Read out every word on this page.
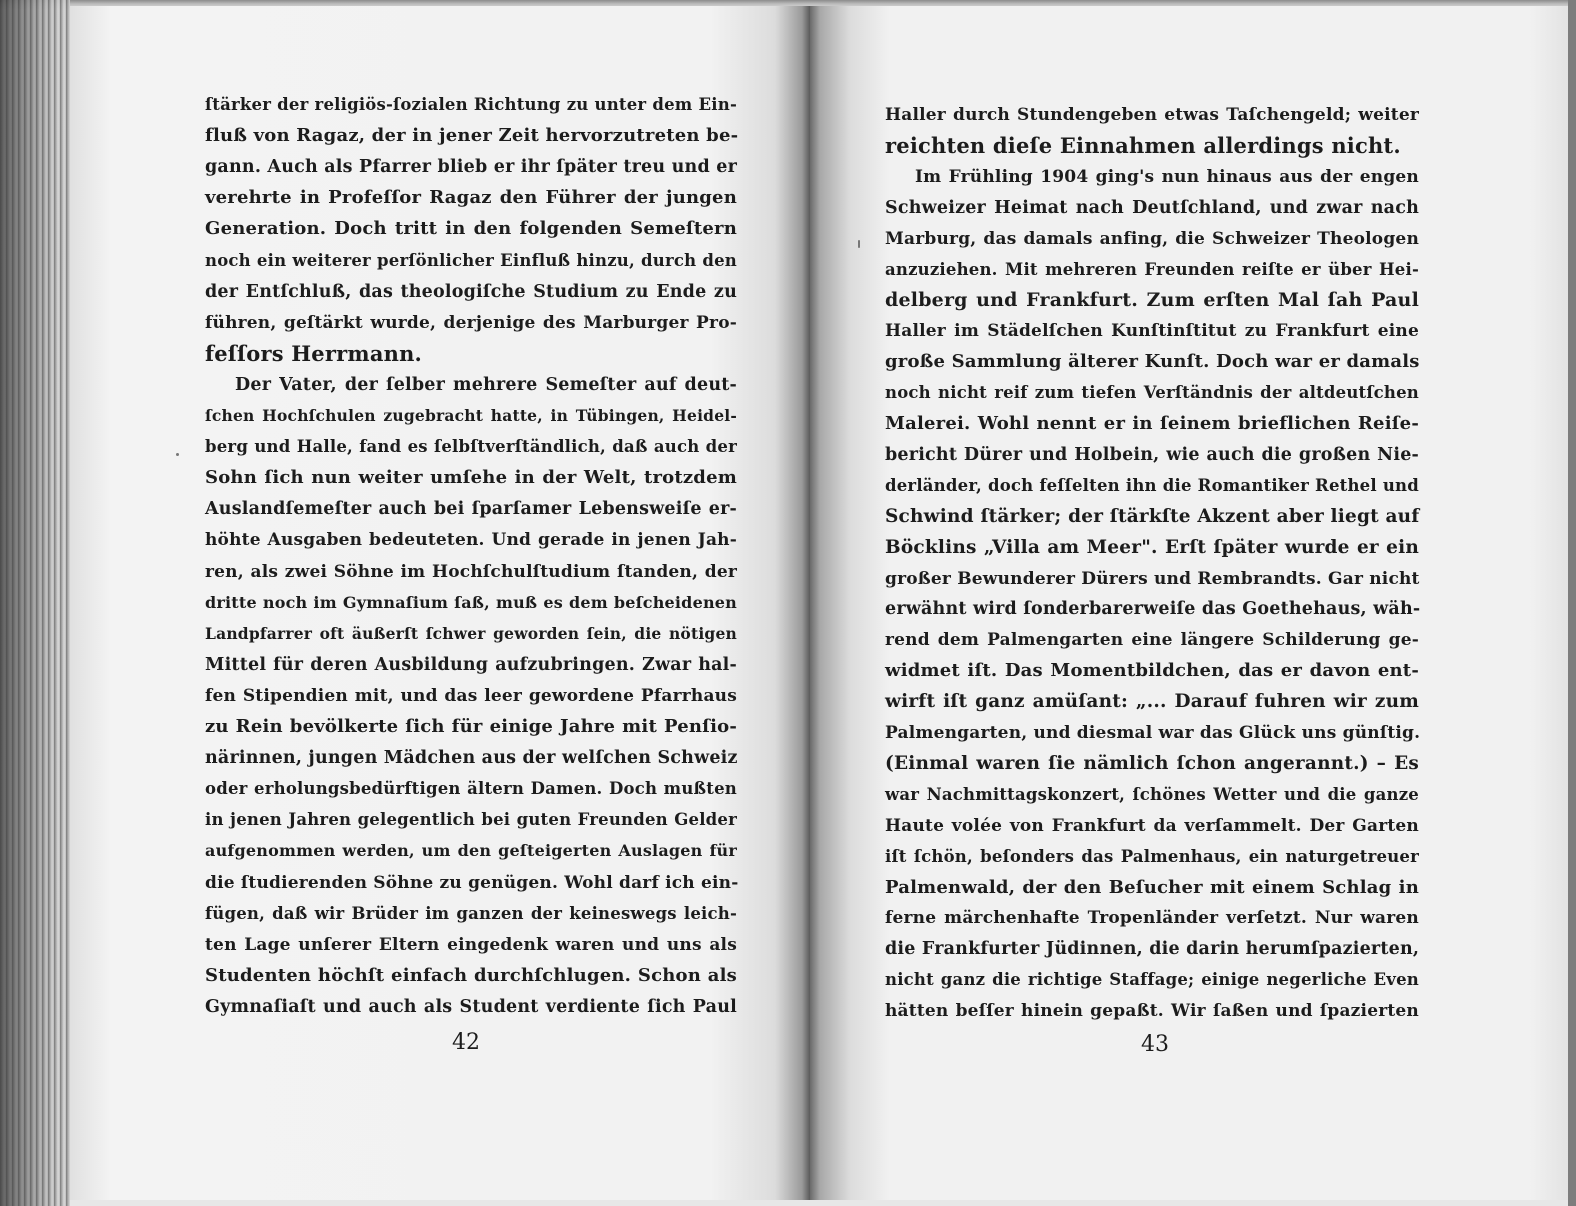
ſtärker der religiös-ſozialen Richtung zu unter dem Ein-
fluß von Ragaz, der in jener Zeit hervorzutreten be-
gann. Auch als Pfarrer blieb er ihr ſpäter treu und er
verehrte in Profeſſor Ragaz den Führer der jungen
Generation. Doch tritt in den folgenden Semeſtern
noch ein weiterer perſönlicher Einfluß hinzu, durch den
der Entſchluß, das theologiſche Studium zu Ende zu
führen, geſtärkt wurde, derjenige des Marburger Pro-
feſſors Herrmann.
Der Vater, der ſelber mehrere Semeſter auf deut-
ſchen Hochſchulen zugebracht hatte, in Tübingen, Heidel-
berg und Halle, fand es ſelbſtverſtändlich, daß auch der
Sohn ſich nun weiter umſehe in der Welt, trotzdem
Auslandſemeſter auch bei ſparſamer Lebensweiſe er-
höhte Ausgaben bedeuteten. Und gerade in jenen Jah-
ren, als zwei Söhne im Hochſchulſtudium ſtanden, der
dritte noch im Gymnaſium ſaß, muß es dem beſcheidenen
Landpfarrer oft äußerſt ſchwer geworden ſein, die nötigen
Mittel für deren Ausbildung aufzubringen. Zwar hal-
fen Stipendien mit, und das leer gewordene Pfarrhaus
zu Rein bevölkerte ſich für einige Jahre mit Penſio-
närinnen, jungen Mädchen aus der welſchen Schweiz
oder erholungsbedürftigen ältern Damen. Doch mußten
in jenen Jahren gelegentlich bei guten Freunden Gelder
aufgenommen werden, um den geſteigerten Auslagen für
die ſtudierenden Söhne zu genügen. Wohl darf ich ein-
fügen, daß wir Brüder im ganzen der keineswegs leich-
ten Lage unſerer Eltern eingedenk waren und uns als
Studenten höchſt einfach durchſchlugen. Schon als
Gymnaſiaſt und auch als Student verdiente ſich Paul
Haller durch Stundengeben etwas Taſchengeld; weiter
reichten dieſe Einnahmen allerdings nicht.
Im Frühling 1904 ging's nun hinaus aus der engen
Schweizer Heimat nach Deutſchland, und zwar nach
Marburg, das damals anfing, die Schweizer Theologen
anzuziehen. Mit mehreren Freunden reiſte er über Hei-
delberg und Frankfurt. Zum erſten Mal ſah Paul
Haller im Städelſchen Kunſtinſtitut zu Frankfurt eine
große Sammlung älterer Kunſt. Doch war er damals
noch nicht reif zum tiefen Verſtändnis der altdeutſchen
Malerei. Wohl nennt er in ſeinem brieflichen Reiſe-
bericht Dürer und Holbein, wie auch die großen Nie-
derländer, doch feſſelten ihn die Romantiker Rethel und
Schwind ſtärker; der ſtärkſte Akzent aber liegt auf
Böcklins „Villa am Meer". Erſt ſpäter wurde er ein
großer Bewunderer Dürers und Rembrandts. Gar nicht
erwähnt wird ſonderbarerweiſe das Goethehaus, wäh-
rend dem Palmengarten eine längere Schilderung ge-
widmet iſt. Das Momentbildchen, das er davon ent-
wirft iſt ganz amüſant: „... Darauf fuhren wir zum
Palmengarten, und diesmal war das Glück uns günſtig.
(Einmal waren ſie nämlich ſchon angerannt.) – Es
war Nachmittagskonzert, ſchönes Wetter und die ganze
Haute volée von Frankfurt da verſammelt. Der Garten
iſt ſchön, beſonders das Palmenhaus, ein naturgetreuer
Palmenwald, der den Beſucher mit einem Schlag in
ferne märchenhafte Tropenländer verſetzt. Nur waren
die Frankfurter Jüdinnen, die darin herumſpazierten,
nicht ganz die richtige Staffage; einige negerliche Even
hätten beſſer hinein gepaßt. Wir ſaßen und ſpazierten
42	43
